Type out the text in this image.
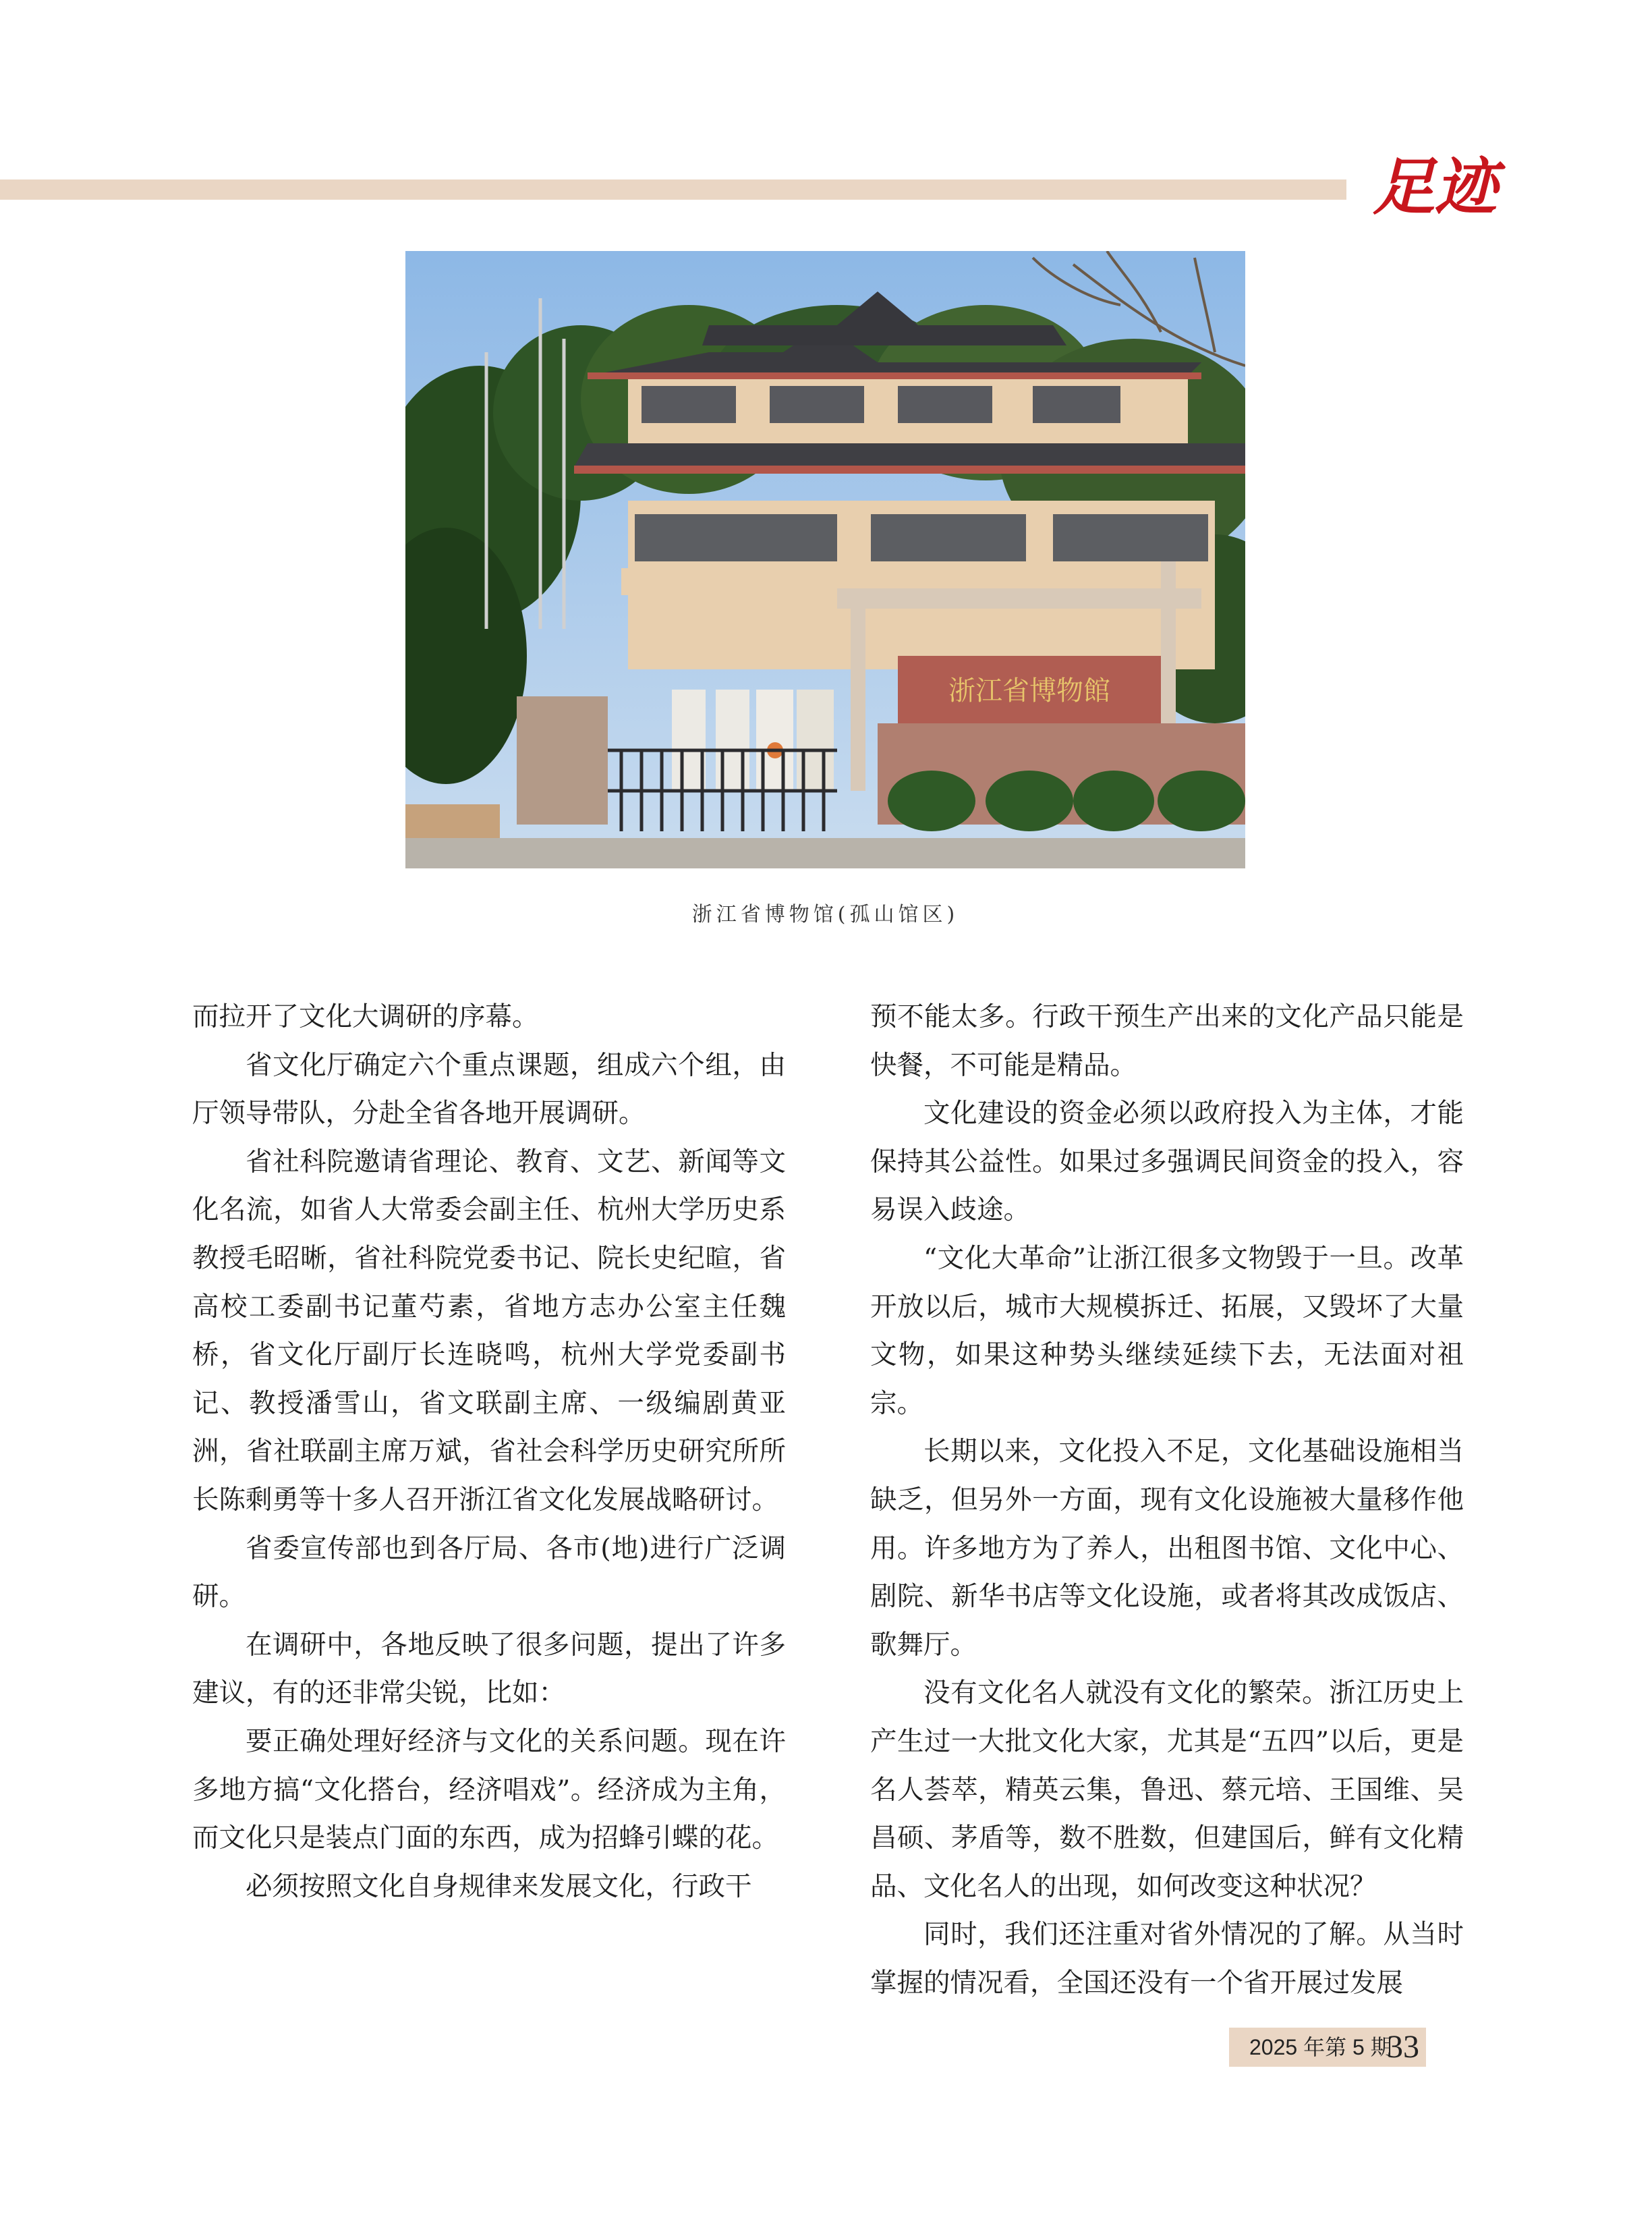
足迹
浙江省博物館
浙江省博物馆(孤山馆区)

而拉开了文化大调研的序幕。

省文化厅确定六个重点课题，组成六个组，由厅领导带队，分赴全省各地开展调研。

省社科院邀请省理论、教育、文艺、新闻等文化名流，如省人大常委会副主任、杭州大学历史系教授毛昭晰，省社科院党委书记、院长史纪暄，省高校工委副书记董芍素，省地方志办公室主任魏桥，省文化厅副厅长连晓鸣，杭州大学党委副书记、教授潘雪山，省文联副主席、一级编剧黄亚洲，省社联副主席万斌，省社会科学历史研究所所长陈剩勇等十多人召开浙江省文化发展战略研讨。

省委宣传部也到各厅局、各市(地)进行广泛调研。

在调研中，各地反映了很多问题，提出了许多建议，有的还非常尖锐，比如：

要正确处理好经济与文化的关系问题。现在许多地方搞“文化搭台，经济唱戏”。经济成为主角，而文化只是装点门面的东西，成为招蜂引蝶的花。

必须按照文化自身规律来发展文化，行政干

预不能太多。行政干预生产出来的文化产品只能是快餐，不可能是精品。

文化建设的资金必须以政府投入为主体，才能保持其公益性。如果过多强调民间资金的投入，容易误入歧途。

“文化大革命”让浙江很多文物毁于一旦。改革开放以后，城市大规模拆迁、拓展，又毁坏了大量文物，如果这种势头继续延续下去，无法面对祖宗。

长期以来，文化投入不足，文化基础设施相当缺乏，但另外一方面，现有文化设施被大量移作他用。许多地方为了养人，出租图书馆、文化中心、剧院、新华书店等文化设施，或者将其改成饭店、歌舞厅。

没有文化名人就没有文化的繁荣。浙江历史上产生过一大批文化大家，尤其是“五四”以后，更是名人荟萃，精英云集，鲁迅、蔡元培、王国维、吴昌硕、茅盾等，数不胜数，但建国后，鲜有文化精品、文化名人的出现，如何改变这种状况？

同时，我们还注重对省外情况的了解。从当时掌握的情况看，全国还没有一个省开展过发展

2025 年第 5 期
33
